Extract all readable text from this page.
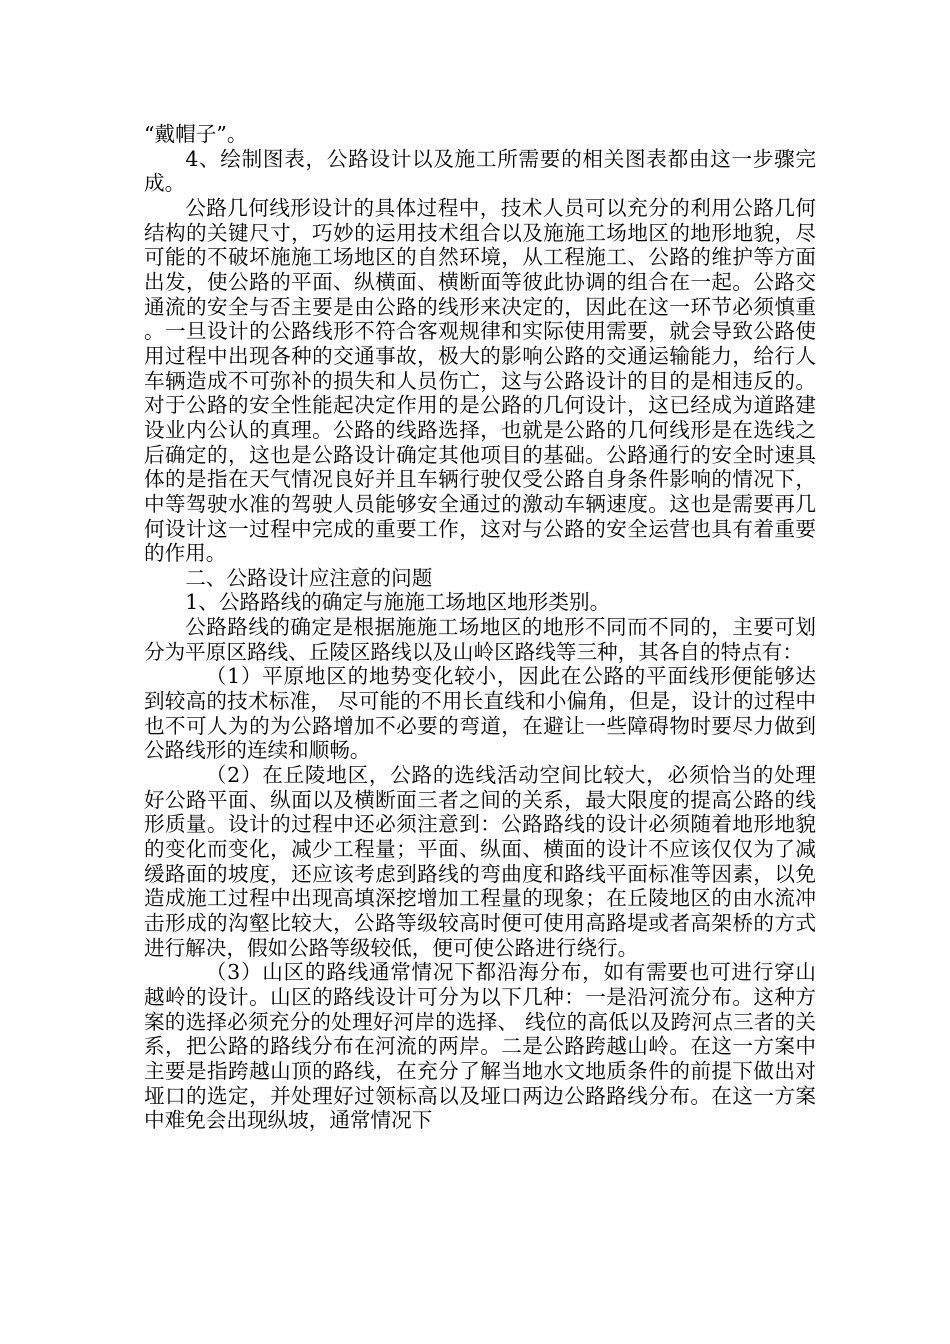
“戴帽子”。

4、绘制图表，公路设计以及施工所需要的相关图表都由这一步骤完成。

公路几何线形设计的具体过程中，技术人员可以充分的利用公路几何结构的关键尺寸，巧妙的运用技术组合以及施施工场地区的地形地貌，尽可能的不破坏施施工场地区的自然环境，从工程施工、公路的维护等方面出发，使公路的平面、纵横面、横断面等彼此协调的组合在一起。公路交通流的安全与否主要是由公路的线形来决定的，因此在这一环节必须慎重。一旦设计的公路线形不符合客观规律和实际使用需要，就会导致公路使用过程中出现各种的交通事故，极大的影响公路的交通运输能力，给行人车辆造成不可弥补的损失和人员伤亡，这与公路设计的目的是相违反的。对于公路的安全性能起决定作用的是公路的几何设计，这已经成为道路建设业内公认的真理。公路的线路选择，也就是公路的几何线形是在选线之后确定的，这也是公路设计确定其他项目的基础。公路通行的安全时速具体的是指在天气情况良好并且车辆行驶仅受公路自身条件影响的情况下，中等驾驶水准的驾驶人员能够安全通过的激动车辆速度。这也是需要再几何设计这一过程中完成的重要工作，这对与公路的安全运营也具有着重要的作用。

二、公路设计应注意的问题

1、公路路线的确定与施施工场地区地形类别。

公路路线的确定是根据施施工场地区的地形不同而不同的，主要可划分为平原区路线、丘陵区路线以及山岭区路线等三种，其各自的特点有：

（1）平原地区的地势变化较小，因此在公路的平面线形便能够达到较高的技术标准， 尽可能的不用长直线和小偏角，但是，设计的过程中也不可人为的为公路增加不必要的弯道，在避让一些障碍物时要尽力做到公路线形的连续和顺畅。

（2）在丘陵地区，公路的选线活动空间比较大，必须恰当的处理好公路平面、纵面以及横断面三者之间的关系，最大限度的提高公路的线形质量。设计的过程中还必须注意到：公路路线的设计必须随着地形地貌的变化而变化，减少工程量；平面、纵面、横面的设计不应该仅仅为了减缓路面的坡度，还应该考虑到路线的弯曲度和路线平面标准等因素，以免造成施工过程中出现高填深挖增加工程量的现象；在丘陵地区的由水流冲击形成的沟壑比较大，公路等级较高时便可使用高路堤或者高架桥的方式进行解决，假如公路等级较低，便可使公路进行绕行。

（3）山区的路线通常情况下都沿海分布，如有需要也可进行穿山越岭的设计。山区的路线设计可分为以下几种：一是沿河流分布。这种方案的选择必须充分的处理好河岸的选择、 线位的高低以及跨河点三者的关系，把公路的路线分布在河流的两岸。二是公路跨越山岭。在这一方案中主要是指跨越山顶的路线，在充分了解当地水文地质条件的前提下做出对垭口的选定，并处理好过领标高以及垭口两边公路路线分布。在这一方案中难免会出现纵坡，通常情况下
